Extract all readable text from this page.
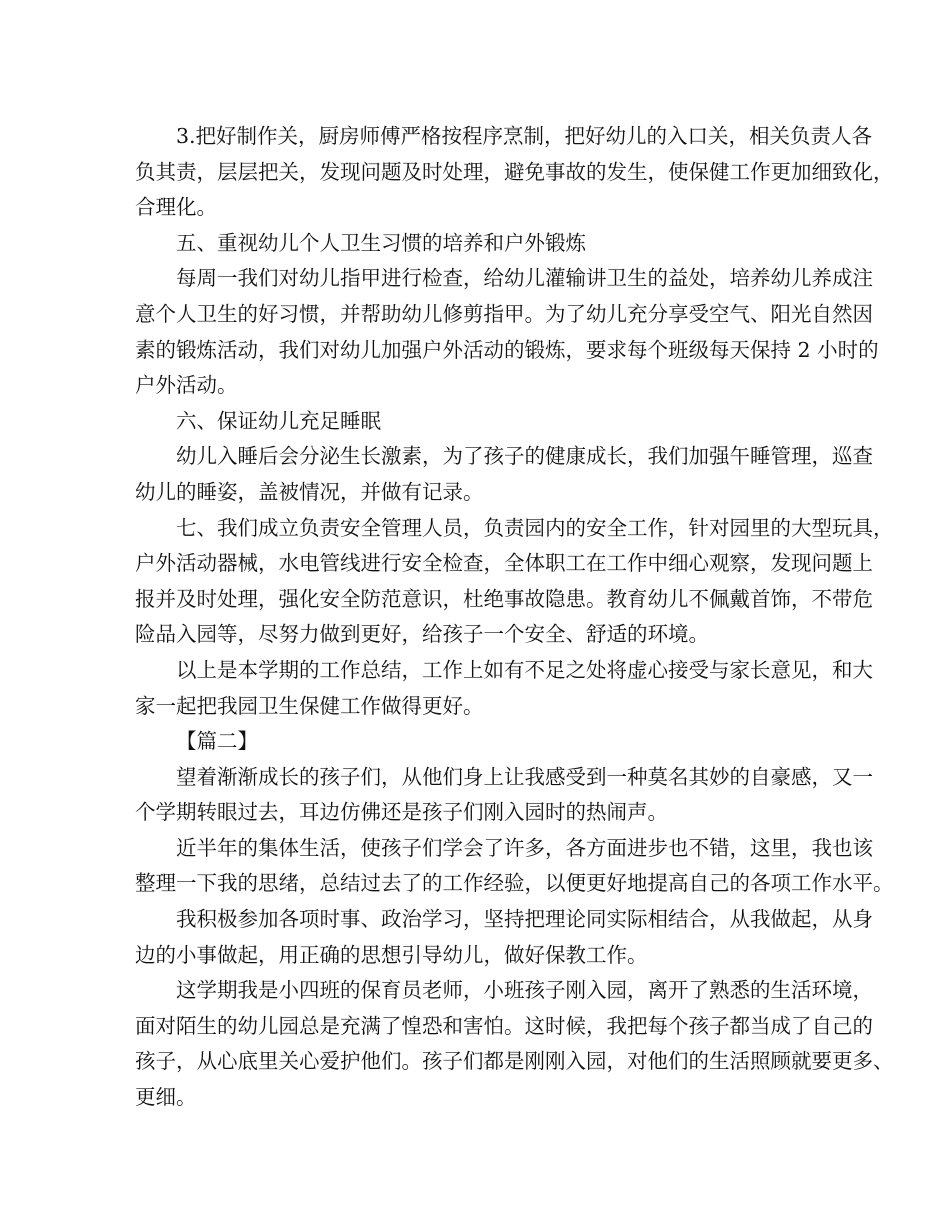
3.把好制作关，厨房师傅严格按程序烹制，把好幼儿的入口关，相关负责人各
负其责，层层把关，发现问题及时处理，避免事故的发生，使保健工作更加细致化，
合理化。
五、重视幼儿个人卫生习惯的培养和户外锻炼
每周一我们对幼儿指甲进行检查，给幼儿灌输讲卫生的益处，培养幼儿养成注
意个人卫生的好习惯，并帮助幼儿修剪指甲。为了幼儿充分享受空气、阳光自然因
素的锻炼活动，我们对幼儿加强户外活动的锻炼，要求每个班级每天保持 2 小时的
户外活动。
六、保证幼儿充足睡眠
幼儿入睡后会分泌生长激素，为了孩子的健康成长，我们加强午睡管理，巡查
幼儿的睡姿，盖被情况，并做有记录。
七、我们成立负责安全管理人员，负责园内的安全工作，针对园里的大型玩具，
户外活动器械，水电管线进行安全检查，全体职工在工作中细心观察，发现问题上
报并及时处理，强化安全防范意识，杜绝事故隐患。教育幼儿不佩戴首饰，不带危
险品入园等，尽努力做到更好，给孩子一个安全、舒适的环境。
以上是本学期的工作总结，工作上如有不足之处将虚心接受与家长意见，和大
家一起把我园卫生保健工作做得更好。
【篇二】
望着渐渐成长的孩子们，从他们身上让我感受到一种莫名其妙的自豪感，又一
个学期转眼过去，耳边仿佛还是孩子们刚入园时的热闹声。
近半年的集体生活，使孩子们学会了许多，各方面进步也不错，这里，我也该
整理一下我的思绪，总结过去了的工作经验，以便更好地提高自己的各项工作水平。
我积极参加各项时事、政治学习，坚持把理论同实际相结合，从我做起，从身
边的小事做起，用正确的思想引导幼儿，做好保教工作。
这学期我是小四班的保育员老师，小班孩子刚入园，离开了熟悉的生活环境，
面对陌生的幼儿园总是充满了惶恐和害怕。这时候，我把每个孩子都当成了自己的
孩子，从心底里关心爱护他们。孩子们都是刚刚入园，对他们的生活照顾就要更多、
更细。
